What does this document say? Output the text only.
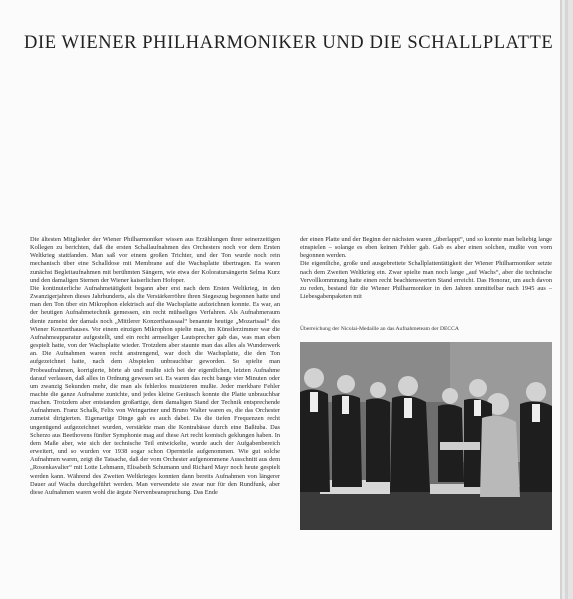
DIE WIENER PHILHARMONIKER UND DIE SCHALLPLATTE

Die ältesten Mitglieder der Wiener Philharmoniker wissen aus Erzählungen ihrer seinerzeitigen Kollegen zu berichten, daß die ersten Schallaufnahmen des Orchesters noch vor dem Ersten Weltkrieg stattfanden. Man saß vor einem großen Trichter, und der Ton wurde noch rein mechanisch über eine Schalldose mit Membrane auf die Wachsplatte übertragen. Es waren zunächst Begleitaufnahmen mit berühmten Sängern, wie etwa der Koloratursängerin Selma Kurz und den damaligen Sternen der Wiener kaiserlichen Hofoper.

Die kontinuierliche Aufnahmetätigkeit begann aber erst nach dem Ersten Weltkrieg, in den Zwanzigerjahren dieses Jahrhunderts, als die Verstärkerröhre ihren Siegeszug begonnen hatte und man den Ton über ein Mikrophon elektrisch auf die Wachsplatte aufzeichnen konnte. Es war, an der heutigen Aufnahmetechnik gemessen, ein recht mühseliges Verfahren. Als Aufnahmeraum diente zumeist der damals noch „Mittlerer Konzerthaussaal“ benannte heutige „Mozartsaal“ des Wiener Konzerthauses. Vor einem einzigen Mikrophon spielte man, im Künstlerzimmer war die Aufnahmeapparatur aufgestellt, und ein recht armseliger Lautsprecher gab das, was man eben gespielt hatte, von der Wachsplatte wieder. Trotzdem aber staunte man das alles als Wunderwerk an. Die Aufnahmen waren recht anstrengend, war doch die Wachsplatte, die den Ton aufgezeichnet hatte, nach dem Abspielen unbrauchbar geworden. So spielte man Probeaufnahmen, korrigierte, hörte ab und mußte sich bei der eigentlichen, letzten Aufnahme darauf verlassen, daß alles in Ordnung gewesen sei. Es waren das recht bange vier Minuten oder um zwanzig Sekunden mehr, die man als fehlerlos musizieren mußte. Jeder merkbare Fehler machte die ganze Aufnahme zunichte, und jedes kleine Geräusch konnte die Platte unbrauchbar machen. Trotzdem aber entstanden großartige, dem damaligen Stand der Technik entsprechende Aufnahmen. Franz Schalk, Felix von Weingartner und Bruno Walter waren es, die das Orchester zumeist dirigierten. Eigenartige Dinge gab es auch dabei. Da die tiefen Frequenzen recht ungenügend aufgezeichnet wurden, verstärkte man die Kontrabässe durch eine Baßtuba. Das Scherzo aus Beethovens fünfter Symphonie mag auf diese Art recht komisch geklungen haben. In dem Maße aber, wie sich der technische Teil entwickelte, wurde auch der Aufgabenbereich erweitert, und so wurden vor 1938 sogar schon Opernteile aufgenommen. Wie gut solche Aufnahmen waren, zeigt die Tatsache, daß der vom Orchester aufgenommene Ausschnitt aus dem „Rosenkavalier“ mit Lotte Lehmann, Elisabeth Schumann und Richard Mayr noch heute gespielt werden kann. Während des Zweiten Weltkrieges konnten dann bereits Aufnahmen von längerer Dauer auf Wachs durchgeführt werden. Man verwendete sie zwar nur für den Rundfunk, aber diese Aufnahmen waren wohl die ärgste Nervenbeanspruchung. Das Ende

der einen Platte und der Beginn der nächsten waren „überlappt“, und so konnte man beliebig lange einspielen – solange es eben keinen Fehler gab. Gab es aber einen solchen, mußte von vorn begonnen werden.

Die eigentliche, große und ausgebreitete Schallplattentätigkeit der Wiener Philharmoniker setzte nach dem Zweiten Weltkrieg ein. Zwar spielte man noch lange „auf Wachs“, aber die technische Vervollkommnung hatte einen recht beachtenswerten Stand erreicht. Das Honorar, um auch davon zu reden, bestand für die Wiener Philharmoniker in den Jahren unmittelbar nach 1945 aus – Liebesgabenpaketen mit

Überreichung der Nicolai-Medaille an das Aufnahmeteam der DECCA
